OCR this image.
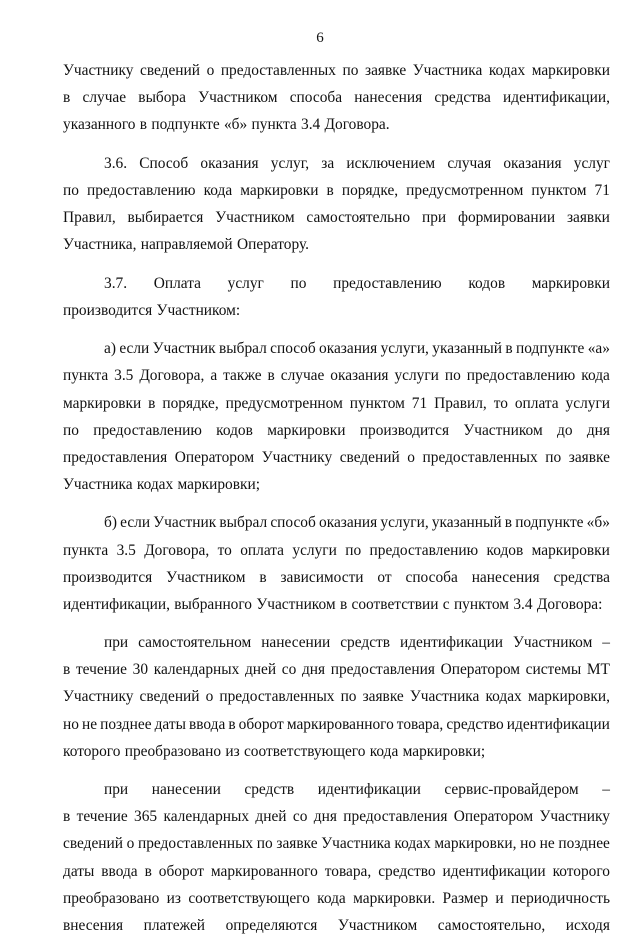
6
Участнику сведений о предоставленных по заявке Участника кодах маркировки
в случае выбора Участником способа нанесения средства идентификации,
указанного в подпункте «б» пункта 3.4 Договора.
3.6. Способ оказания услуг, за исключением случая оказания услуг
по предоставлению кода маркировки в порядке, предусмотренном пунктом 71
Правил, выбирается Участником самостоятельно при формировании заявки
Участника, направляемой Оператору.
3.7. Оплата услуг по предоставлению кодов маркировки
производится Участником:
а) если Участник выбрал способ оказания услуги, указанный в подпункте «а»
пункта 3.5 Договора, а также в случае оказания услуги по предоставлению кода
маркировки в порядке, предусмотренном пунктом 71 Правил, то оплата услуги
по предоставлению кодов маркировки производится Участником до дня
предоставления Оператором Участнику сведений о предоставленных по заявке
Участника кодах маркировки;
б) если Участник выбрал способ оказания услуги, указанный в подпункте «б»
пункта 3.5 Договора, то оплата услуги по предоставлению кодов маркировки
производится Участником в зависимости от способа нанесения средства
идентификации, выбранного Участником в соответствии с пунктом 3.4 Договора:
при самостоятельном нанесении средств идентификации Участником –
в течение 30 календарных дней со дня предоставления Оператором системы МТ
Участнику сведений о предоставленных по заявке Участника кодах маркировки,
но не позднее даты ввода в оборот маркированного товара, средство идентификации
которого преобразовано из соответствующего кода маркировки;
при нанесении средств идентификации сервис-провайдером –
в течение 365 календарных дней со дня предоставления Оператором Участнику
сведений о предоставленных по заявке Участника кодах маркировки, но не позднее
даты ввода в оборот маркированного товара, средство идентификации которого
преобразовано из соответствующего кода маркировки. Размер и периодичность
внесения платежей определяются Участником самостоятельно, исходя
